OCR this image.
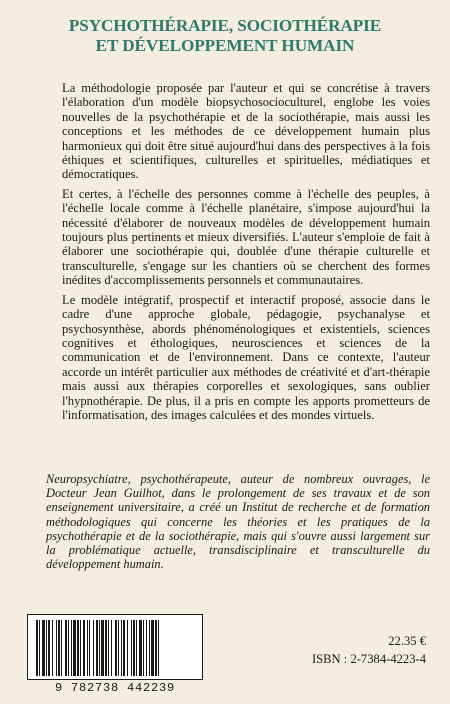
PSYCHOTHÉRAPIE, SOCIOTHÉRAPIE
ET DÉVELOPPEMENT HUMAIN

La méthodologie proposée par l'auteur et qui se concrétise à travers l'élaboration d'un modèle biopsychosocioculturel, englobe les voies nouvelles de la psychothérapie et de la sociothérapie, mais aussi les conceptions et les méthodes de ce développement humain plus harmonieux qui doit être situé aujourd'hui dans des perspectives à la fois éthiques et scientifiques, culturelles et spirituelles, médiatiques et démocratiques.

Et certes, à l'échelle des personnes comme à l'échelle des peuples, à l'échelle locale comme à l'échelle planétaire, s'impose aujourd'hui la nécessité d'élaborer de nouveaux modèles de développement humain toujours plus pertinents et mieux diversifiés. L'auteur s'emploie de fait à élaborer une sociothérapie qui, doublée d'une thérapie culturelle et transculturelle, s'engage sur les chantiers où se cherchent des formes inédites d'accomplissements personnels et communautaires.

Le modèle intégratif, prospectif et interactif proposé, associe dans le cadre d'une approche globale, pédagogie, psychanalyse et psychosynthèse, abords phénoménologiques et existentiels, sciences cognitives et éthologiques, neurosciences et sciences de la communication et de l'environnement. Dans ce contexte, l'auteur accorde un intérêt particulier aux méthodes de créativité et d'art-thérapie mais aussi aux thérapies corporelles et sexologiques, sans oublier l'hypnothérapie. De plus, il a pris en compte les apports prometteurs de l'informatisation, des images calculées et des mondes virtuels.

Neuropsychiatre, psychothérapeute, auteur de nombreux ouvrages, le Docteur Jean Guilhot, dans le prolongement de ses travaux et de son enseignement universitaire, a créé un Institut de recherche et de formation méthodologiques qui concerne les théories et les pratiques de la psychothérapie et de la sociothérapie, mais qui s'ouvre aussi largement sur la problématique actuelle, transdisciplinaire et transculturelle du développement humain.
9 782738 442239
22.35 €
ISBN : 2-7384-4223-4
